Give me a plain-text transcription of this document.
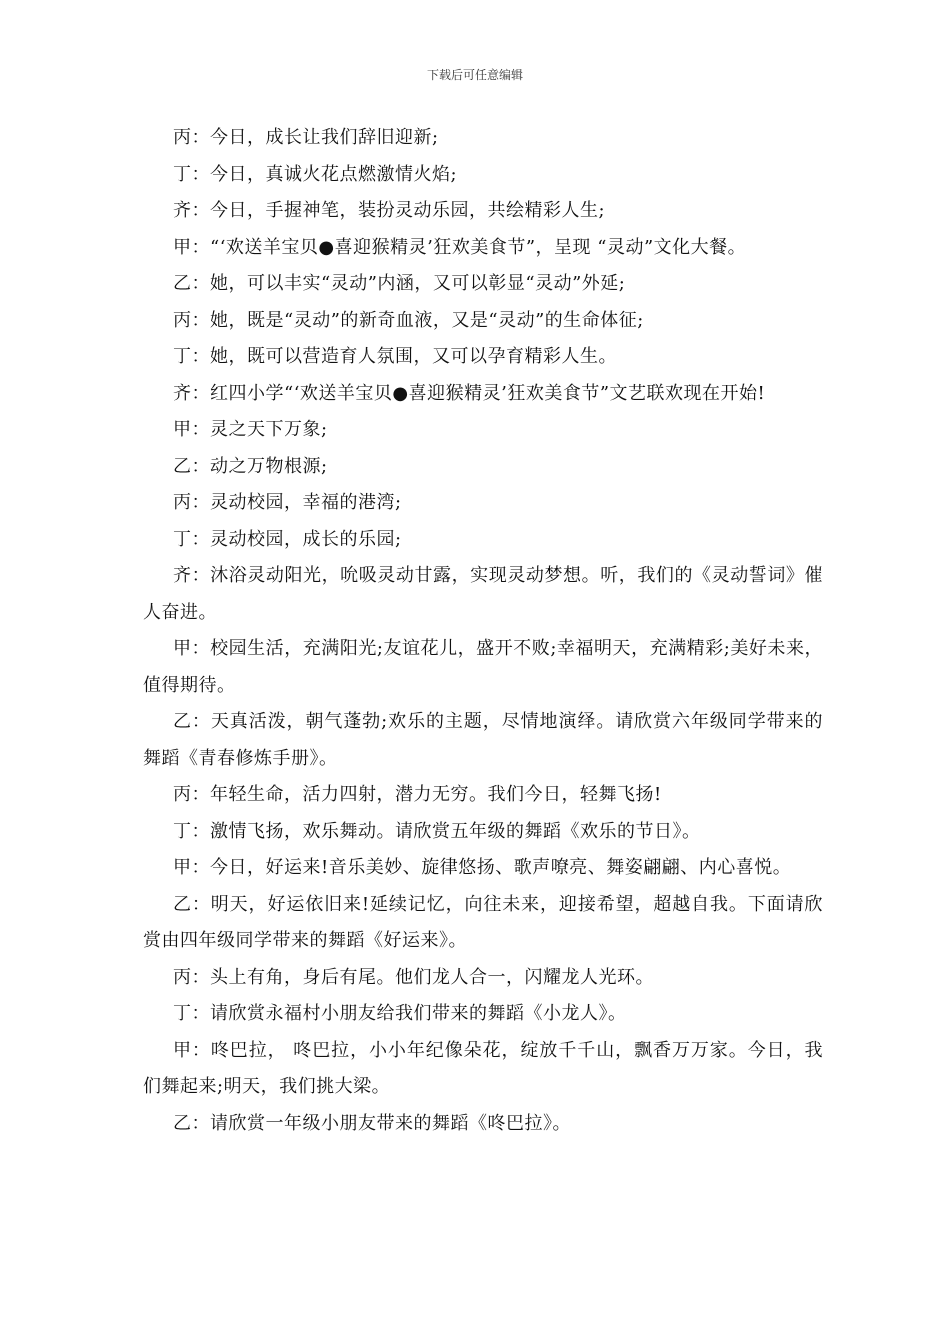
下载后可任意编辑

丙：今日，成长让我们辞旧迎新;

丁：今日，真诚火花点燃激情火焰;

齐：今日，手握神笔，装扮灵动乐园，共绘精彩人生;

甲：“‘欢送羊宝贝●喜迎猴精灵’狂欢美食节”，呈现 “灵动”文化大餐。

乙：她，可以丰实“灵动”内涵，又可以彰显“灵动”外延;

丙：她，既是“灵动”的新奇血液，又是“灵动”的生命体征;

丁：她，既可以营造育人氛围，又可以孕育精彩人生。

齐：红四小学“‘欢送羊宝贝●喜迎猴精灵’狂欢美食节”文艺联欢现在开始!

甲：灵之天下万象;

乙：动之万物根源;

丙：灵动校园，幸福的港湾;

丁：灵动校园，成长的乐园;

齐：沐浴灵动阳光，吮吸灵动甘露，实现灵动梦想。听，我们的《灵动誓词》催人奋进。

甲：校园生活，充满阳光;友谊花儿，盛开不败;幸福明天，充满精彩;美好未来，值得期待。

乙：天真活泼，朝气蓬勃;欢乐的主题，尽情地演绎。请欣赏六年级同学带来的舞蹈《青春修炼手册》。

丙：年轻生命，活力四射，潜力无穷。我们今日，轻舞飞扬!

丁：激情飞扬，欢乐舞动。请欣赏五年级的舞蹈《欢乐的节日》。

甲：今日，好运来!音乐美妙、旋律悠扬、歌声嘹亮、舞姿翩翩、内心喜悦。

乙：明天，好运依旧来!延续记忆，向往未来，迎接希望，超越自我。下面请欣赏由四年级同学带来的舞蹈《好运来》。

丙：头上有角，身后有尾。他们龙人合一，闪耀龙人光环。

丁：请欣赏永福村小朋友给我们带来的舞蹈《小龙人》。

甲：咚巴拉， 咚巴拉，小小年纪像朵花，绽放千千山，飘香万万家。今日，我们舞起来;明天，我们挑大梁。

乙：请欣赏一年级小朋友带来的舞蹈《咚巴拉》。
